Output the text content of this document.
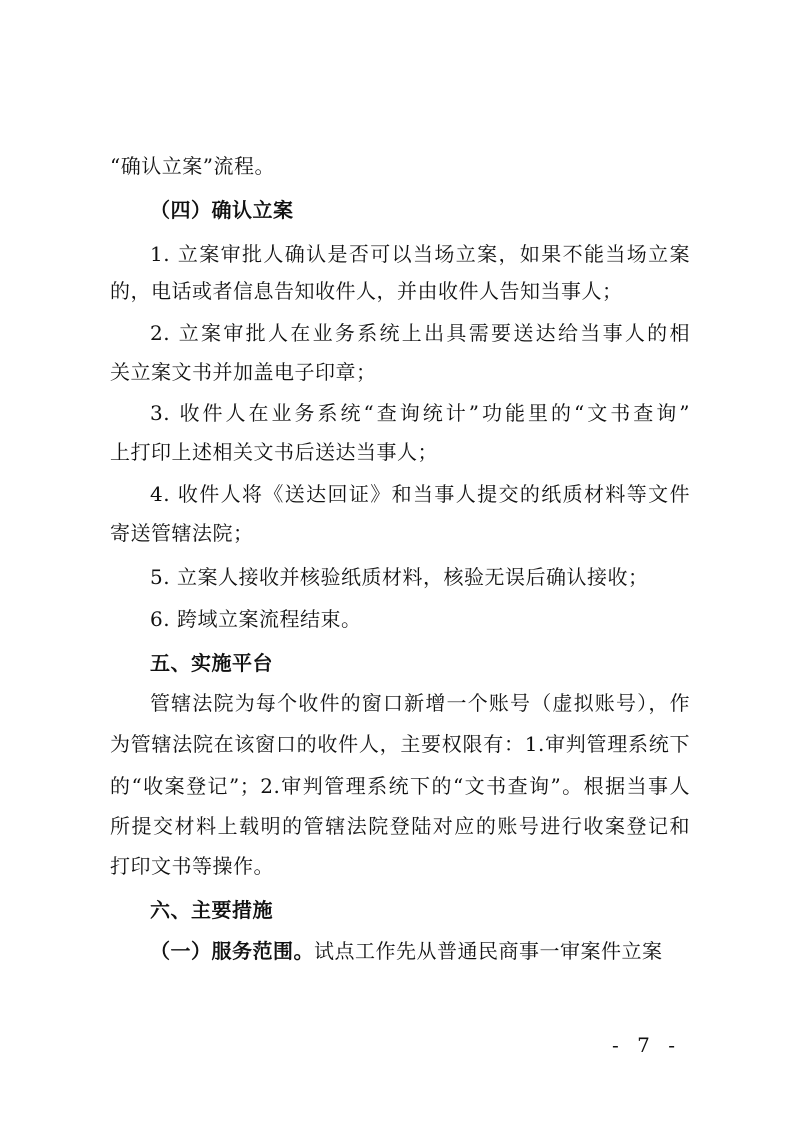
“确认立案”流程。
（四）确认立案
1. 立案审批人确认是否可以当场立案，如果不能当场立案
的，电话或者信息告知收件人，并由收件人告知当事人；
2. 立案审批人在业务系统上出具需要送达给当事人的相
关立案文书并加盖电子印章；
3. 收件人在业务系统“查询统计”功能里的“文书查询”
上打印上述相关文书后送达当事人；
4. 收件人将《送达回证》和当事人提交的纸质材料等文件
寄送管辖法院；
5. 立案人接收并核验纸质材料，核验无误后确认接收；
6. 跨域立案流程结束。
五、实施平台
管辖法院为每个收件的窗口新增一个账号（虚拟账号），作
为管辖法院在该窗口的收件人，主要权限有：1.审判管理系统下
的“收案登记”；2.审判管理系统下的“文书查询”。根据当事人
所提交材料上载明的管辖法院登陆对应的账号进行收案登记和
打印文书等操作。
六、主要措施
（一）服务范围。试点工作先从普通民商事一审案件立案
- 7 -
